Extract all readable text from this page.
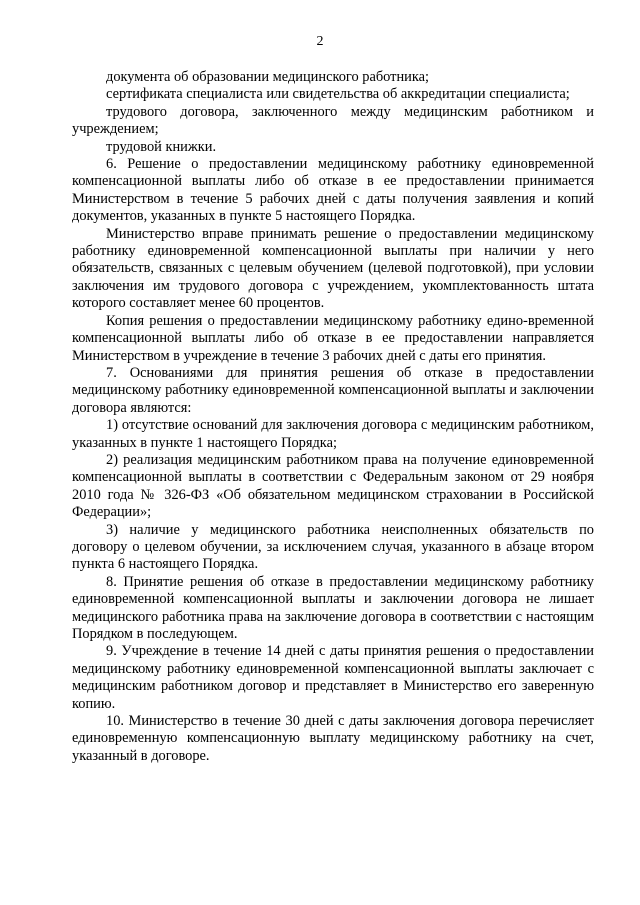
2

документа об образовании медицинского работника;

сертификата специалиста или свидетельства об аккредитации специалиста;

трудового договора, заключенного между медицинским работником и учреждением;

трудовой книжки.

6. Решение о предоставлении медицинскому работнику единовременной компенсационной выплаты либо об отказе в ее предоставлении принимается Министерством в течение 5 рабочих дней с даты получения заявления и копий документов, указанных в пункте 5 настоящего Порядка.

Министерство вправе принимать решение о предоставлении медицинскому работнику единовременной компенсационной выплаты при наличии у него обязательств, связанных с целевым обучением (целевой подготовкой), при условии заключения им трудового договора с учреждением, укомплектованность штата которого составляет менее 60 процентов.

Копия решения о предоставлении медицинскому работнику едино-временной компенсационной выплаты либо об отказе в ее предоставлении направляется Министерством в учреждение в течение 3 рабочих дней с даты его принятия.

7. Основаниями для принятия решения об отказе в предоставлении медицинскому работнику единовременной компенсационной выплаты и заключении договора являются:

1) отсутствие оснований для заключения договора с медицинским работником, указанных в пункте 1 настоящего Порядка;

2) реализация медицинским работником права на получение единовременной компенсационной выплаты в соответствии с Федеральным законом от 29 ноября 2010 года № 326-ФЗ «Об обязательном медицинском страховании в Российской Федерации»;

3) наличие у медицинского работника неисполненных обязательств по договору о целевом обучении, за исключением случая, указанного в абзаце втором пункта 6 настоящего Порядка.

8. Принятие решения об отказе в предоставлении медицинскому работнику единовременной компенсационной выплаты и заключении договора не лишает медицинского работника права на заключение договора в соответствии с настоящим Порядком в последующем.

9. Учреждение в течение 14 дней с даты принятия решения о предоставлении медицинскому работнику единовременной компенсационной выплаты заключает с медицинским работником договор и представляет в Министерство его заверенную копию.

10. Министерство в течение 30 дней с даты заключения договора перечисляет единовременную компенсационную выплату медицинскому работнику на счет, указанный в договоре.
